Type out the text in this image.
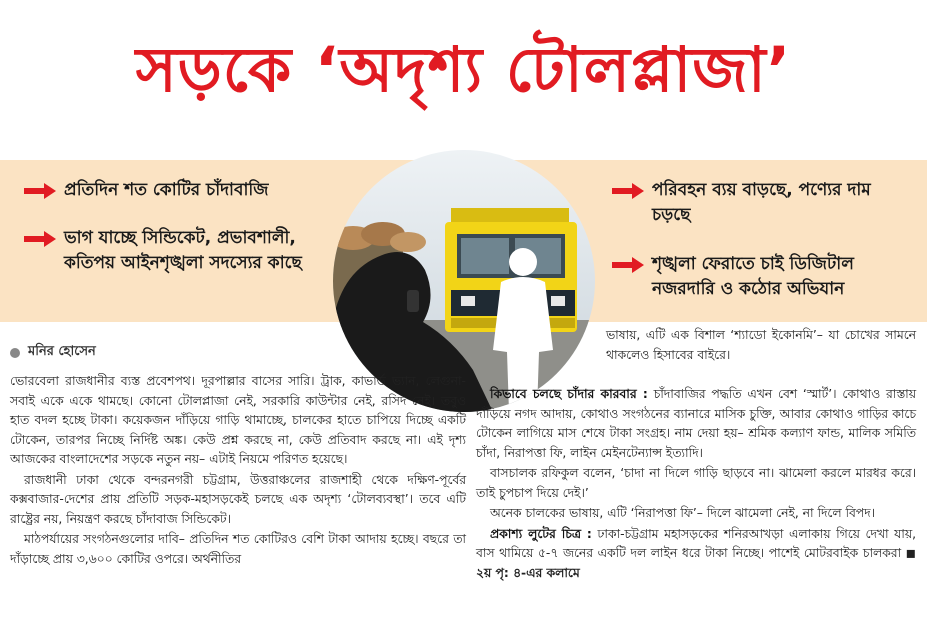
সড়কে ‘অদৃশ্য টোলপ্লাজা’
প্রতিদিন শত কোটির চাঁদাবাজি
ভাগ যাচ্ছে সিন্ডিকেট, প্রভাবশালী, কতিপয় আইনশৃঙ্খলা সদস্যের কাছে
পরিবহন ব্যয় বাড়ছে, পণ্যের দাম চড়ছে
শৃঙ্খলা ফেরাতে চাই ডিজিটাল নজরদারি ও কঠোর অভিযান
মনির হোসেন

ভোরবেলা রাজধানীর ব্যস্ত প্রবেশপথ। দূরপাল্লার বাসের সারি। ট্রাক, কাভার্ড ভ্যান, লেগুনা-সবাই একে একে থামছে। কোনো টোলপ্লাজা নেই, সরকারি কাউন্টার নেই, রসিদ নেই। তবুও হাত বদল হচ্ছে টাকা। কয়েকজন দাঁড়িয়ে গাড়ি থামাচ্ছে, চালকের হাতে চাপিয়ে দিচ্ছে একটি টোকেন, তারপর নিচ্ছে নির্দিষ্ট অঙ্ক। কেউ প্রশ্ন করছে না, কেউ প্রতিবাদ করছে না। এই দৃশ্য আজকের বাংলাদেশের সড়কে নতুন নয়– এটাই নিয়মে পরিণত হয়েছে।

রাজধানী ঢাকা থেকে বন্দরনগরী চট্টগ্রাম, উত্তরাঞ্চলের রাজশাহী থেকে দক্ষিণ-পূর্বের কক্সবাজার-দেশের প্রায় প্রতিটি সড়ক-মহাসড়কেই চলছে এক অদৃশ্য ‘টোলব্যবস্থা’। তবে এটি রাষ্ট্রের নয়, নিয়ন্ত্রণ করছে চাঁদাবাজ সিন্ডিকেট।

মাঠপর্যায়ের সংগঠনগুলোর দাবি– প্রতিদিন শত কোটিরও বেশি টাকা আদায় হচ্ছে। বছরে তা দাঁড়াচ্ছে প্রায় ৩,৬০০ কোটির ওপরে। অর্থনীতির

ভাষায়, এটি এক বিশাল ‘শ্যাডো ইকোনমি’– যা চোখের সামনে থাকলেও হিসাবের বাইরে।

কিভাবে চলছে চাঁদার কারবার : চাঁদাবাজির পদ্ধতি এখন বেশ ‘স্মার্ট’। কোথাও রাস্তায় দাঁড়িয়ে নগদ আদায়, কোথাও সংগঠনের ব্যানারে মাসিক চুক্তি, আবার কোথাও গাড়ির কাচে টোকেন লাগিয়ে মাস শেষে টাকা সংগ্রহ। নাম দেয়া হয়– শ্রমিক কল্যাণ ফান্ড, মালিক সমিতি চাঁদা, নিরাপত্তা ফি, লাইন মেইনটেন্যান্স ইত্যাদি।

বাসচালক রফিকুল বলেন, ‘চাদা না দিলে গাড়ি ছাড়বে না। ঝামেলা করলে মারধর করে। তাই চুপচাপ দিয়ে দেই।’

অনেক চালকের ভাষায়, এটি ‘নিরাপত্তা ফি’– দিলে ঝামেলা নেই, না দিলে বিপদ।

প্রকাশ্য লুটের চিত্র : ঢাকা-চট্টগ্রাম মহাসড়কের শনিরআখড়া এলাকায় গিয়ে দেখা যায়, বাস থামিয়ে ৫-৭ জনের একটি দল লাইন ধরে টাকা নিচ্ছে। পাশেই মোটরবাইক চালকরা ◼ ২য় পৃ: ৪-এর কলামে
